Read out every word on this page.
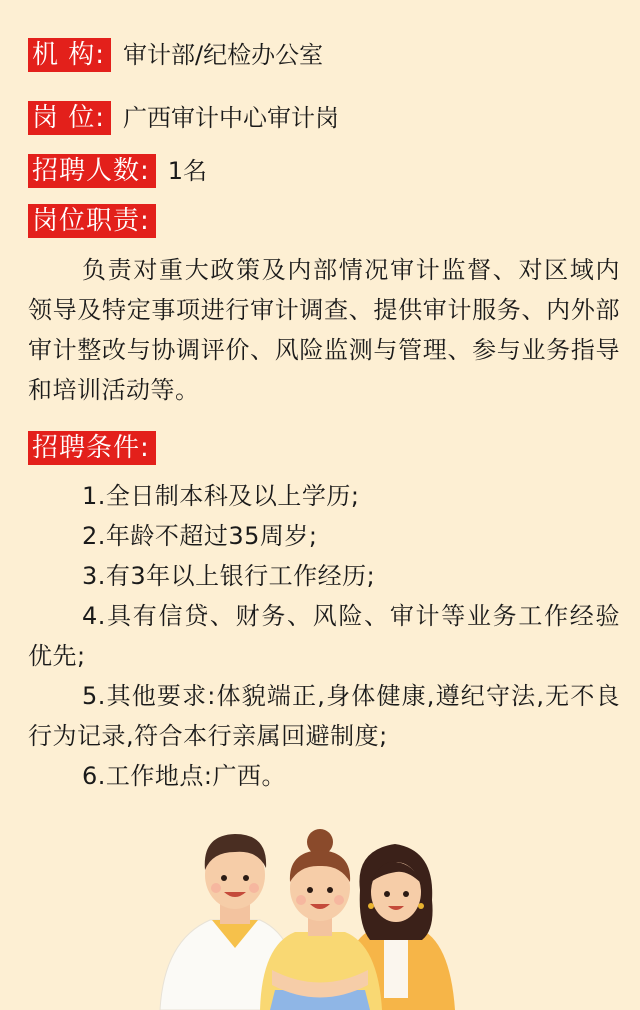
机 构: 审计部/纪检办公室
岗 位: 广西审计中心审计岗
招聘人数: 1名
岗位职责:
负责对重大政策及内部情况审计监督、对区域内领导及特定事项进行审计调查、提供审计服务、内外部审计整改与协调评价、风险监测与管理、参与业务指导和培训活动等。
招聘条件:
1.全日制本科及以上学历;
2.年龄不超过35周岁;
3.有3年以上银行工作经历;
4.具有信贷、财务、风险、审计等业务工作经验优先;
5.其他要求:体貌端正,身体健康,遵纪守法,无不良行为记录,符合本行亲属回避制度;
6.工作地点:广西。
